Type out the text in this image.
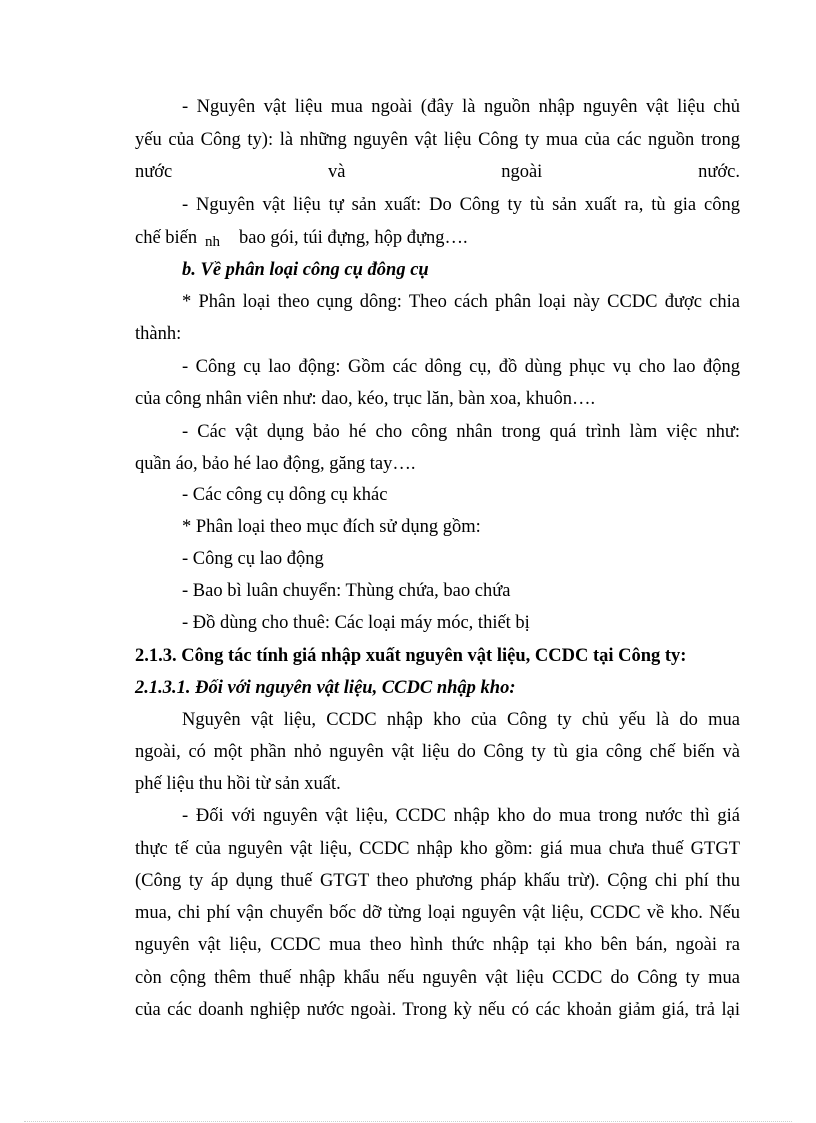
- Nguyên vật liệu mua ngoài (đây là nguồn nhập nguyên vật liệu chủ
yếu của Công ty): là những nguyên vật liệu Công ty mua của các nguồn trong
nước	và	ngoài	nước.
- Nguyên vật liệu tự sản xuất: Do Công ty tù sản xuất ra, tù gia công
chế biến nh bao gói, túi đựng, hộp đựng….
b. Về phân loại công cụ đông cụ
* Phân loại theo cụng dông: Theo cách phân loại này CCDC được chia
thành:
- Công cụ lao động: Gồm các dông cụ, đồ dùng phục vụ cho lao động
của công nhân viên như: dao, kéo, trục lăn, bàn xoa, khuôn….
- Các vật dụng bảo hé cho công nhân trong quá trình làm việc như:
quần áo, bảo hé lao động, găng tay….
- Các công cụ dông cụ khác
* Phân loại theo mục đích sử dụng gồm:
- Công cụ lao động
- Bao bì luân chuyển: Thùng chứa, bao chứa
- Đồ dùng cho thuê: Các loại máy móc, thiết bị
2.1.3. Công tác tính giá nhập xuất nguyên vật liệu, CCDC tại Công ty:
2.1.3.1. Đối với nguyên vật liệu, CCDC nhập kho:
Nguyên vật liệu, CCDC nhập kho của Công ty chủ yếu là do mua
ngoài, có một phần nhỏ nguyên vật liệu do Công ty tù gia công chế biến và
phế liệu thu hồi từ sản xuất.
- Đối với nguyên vật liệu, CCDC nhập kho do mua trong nước thì giá
thực tế của nguyên vật liệu, CCDC nhập kho gồm: giá mua chưa thuế GTGT
(Công ty áp dụng thuế GTGT theo phương pháp khấu trừ). Cộng chi phí thu
mua, chi phí vận chuyển bốc dỡ từng loại nguyên vật liệu, CCDC về kho. Nếu
nguyên vật liệu, CCDC mua theo hình thức nhập tại kho bên bán, ngoài ra
còn cộng thêm thuế nhập khẩu nếu nguyên vật liệu CCDC do Công ty mua
của các doanh nghiệp nước ngoài. Trong kỳ nếu có các khoản giảm giá, trả lại
